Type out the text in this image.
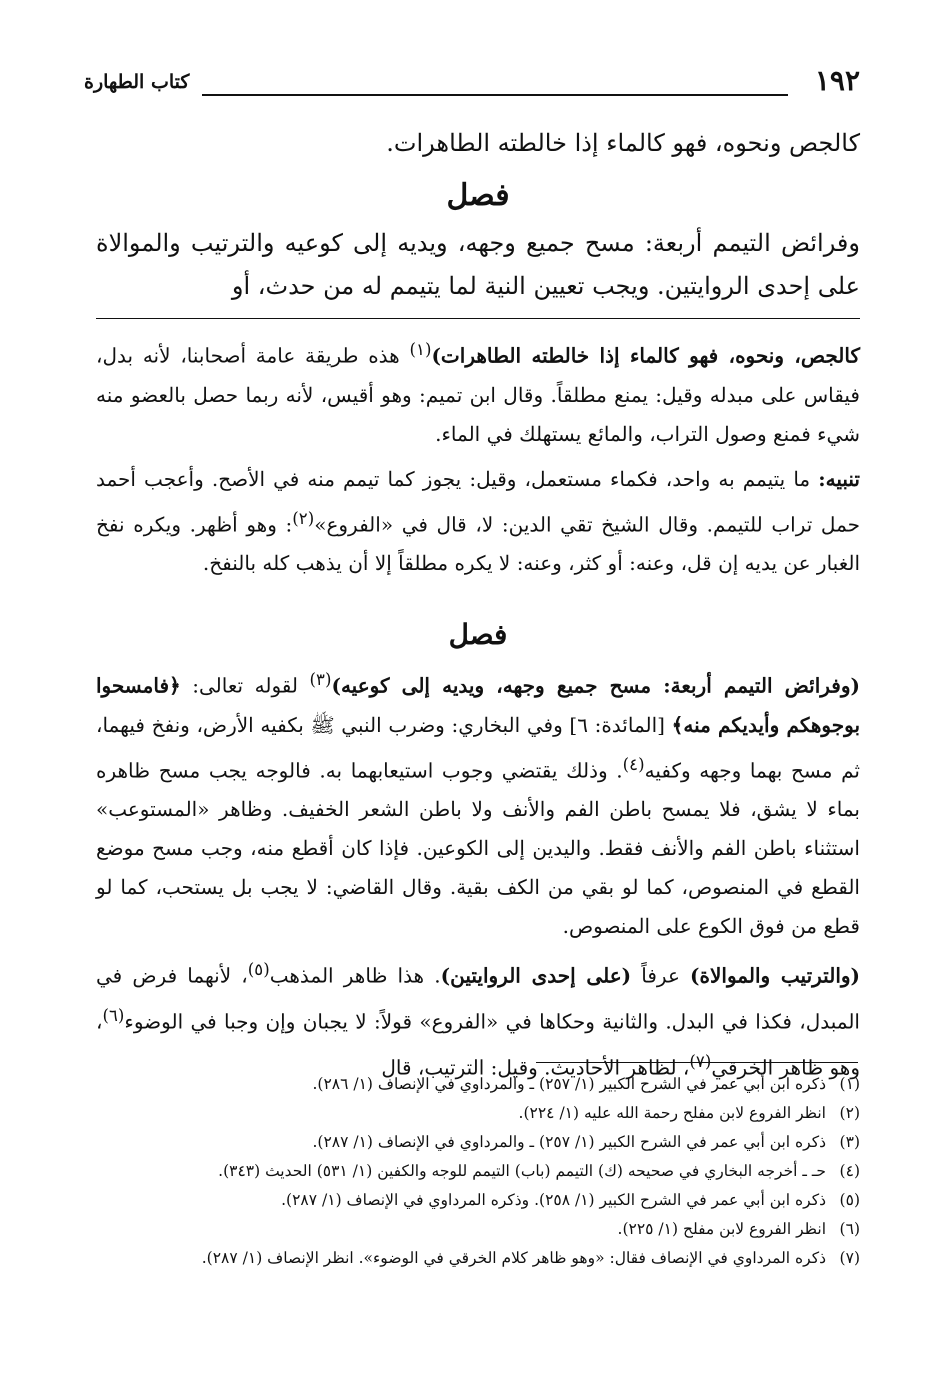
١٩٢
كتاب الطهارة

كالجص ونحوه، فهو كالماء إذا خالطته الطاهرات.

فصل

وفرائض التيمم أربعة: مسح جميع وجهه، ويديه إلى كوعيه والترتيب والموالاة على إحدى الروايتين. ويجب تعيين النية لما يتيمم له من حدث، أو

كالجص، ونحوه، فهو كالماء إذا خالطته الطاهرات)$^{(١)}$ هذه طريقة عامة أصحابنا، لأنه بدل، فيقاس على مبدله وقيل: يمنع مطلقاً. وقال ابن تميم: وهو أقيس، لأنه ربما حصل بالعضو منه شيء فمنع وصول التراب، والمائع يستهلك في الماء.

تنبيه: ما يتيمم به واحد، فكماء مستعمل، وقيل: يجوز كما تيمم منه في الأصح. وأعجب أحمد حمل تراب للتيمم. وقال الشيخ تقي الدين: لا، قال في «الفروع»$^{(٢)}$: وهو أظهر. ويكره نفخ الغبار عن يديه إن قل، وعنه: أو كثر، وعنه: لا يكره مطلقاً إلا أن يذهب كله بالنفخ.

فصل

(وفرائض التيمم أربعة: مسح جميع وجهه، ويديه إلى كوعيه)$^{(٣)}$ لقوله تعالى: ﴿فامسحوا بوجوهكم وأيديكم منه﴾ [المائدة: ٦] وفي البخاري: وضرب النبي ﷺ بكفيه الأرض، ونفخ فيهما، ثم مسح بهما وجهه وكفيه$^{(٤)}$. وذلك يقتضي وجوب استيعابهما به. فالوجه يجب مسح ظاهره بماء لا يشق، فلا يمسح باطن الفم والأنف ولا باطن الشعر الخفيف. وظاهر «المستوعب» استثناء باطن الفم والأنف فقط. واليدين إلى الكوعين. فإذا كان أقطع منه، وجب مسح موضع القطع في المنصوص، كما لو بقي من الكف بقية. وقال القاضي: لا يجب بل يستحب، كما لو قطع من فوق الكوع على المنصوص.

(والترتيب والموالاة) عرفاً (على إحدى الروايتين). هذا ظاهر المذهب$^{(٥)}$، لأنهما فرض في المبدل، فكذا في البدل. والثانية وحكاها في «الفروع» قولاً: لا يجبان وإن وجبا في الوضوء$^{(٦)}$، وهو ظاهر الخرقي$^{(٧)}$، لظاهر الأحاديث. وقيل: الترتيب، قال

(١)ذكره ابن أبي عمر في الشرح الكبير (١/ ٢٥٧) ـ والمرداوي في الإنصاف (١/ ٢٨٦).
(٢)انظر الفروع لابن مفلح رحمة الله عليه (١/ ٢٢٤).
(٣)ذكره ابن أبي عمر في الشرح الكبير (١/ ٢٥٧) ـ والمرداوي في الإنصاف (١/ ٢٨٧).
(٤)حـ ـ أخرجه البخاري في صحيحه (ك) التيمم (باب) التيمم للوجه والكفين (١/ ٥٣١) الحديث (٣٤٣).
(٥)ذكره ابن أبي عمر في الشرح الكبير (١/ ٢٥٨). وذكره المرداوي في الإنصاف (١/ ٢٨٧).
(٦)انظر الفروع لابن مفلح (١/ ٢٢٥).
(٧)ذكره المرداوي في الإنصاف فقال: «وهو ظاهر كلام الخرقي في الوضوء». انظر الإنصاف (١/ ٢٨٧).
